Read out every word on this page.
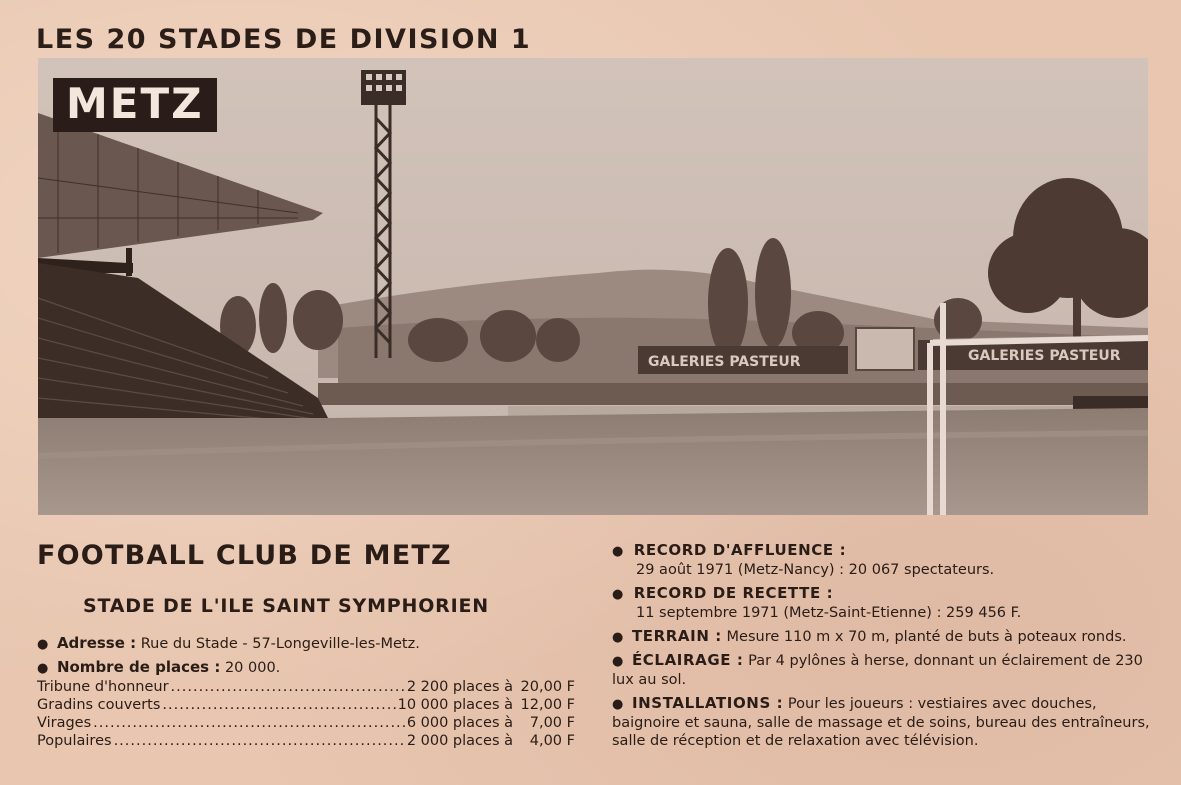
LES 20 STADES DE DIVISION 1
GALERIES PASTEUR	GALERIES PASTEUR
METZ
FOOTBALL CLUB DE METZ
STADE DE L'ILE SAINT SYMPHORIEN
● Adresse : Rue du Stade - 57-Longeville-les-Metz.
● Nombre de places : 20 000.
Tribune d'honneur .....	2 200 places à 20,00 F
Gradins couverts .....	10 000 places à 12,00 F
Virages .....	6 000 places à	7,00 F
Populaires .....	2 000 places à	4,00 F
● RECORD D'AFFLUENCE :
29 août 1971 (Metz-Nancy) : 20 067 spectateurs.
● RECORD DE RECETTE :
11 septembre 1971 (Metz-Saint-Etienne) : 259 456 F.
● TERRAIN : Mesure 110 m x 70 m, planté de buts à poteaux ronds.
● ÉCLAIRAGE : Par 4 pylônes à herse, donnant un éclairement de 230 lux au sol.
● INSTALLATIONS : Pour les joueurs : vestiaires avec douches, baignoire et sauna, salle de massage et de soins, bureau des entraîneurs, salle de réception et de relaxation avec télévision.
